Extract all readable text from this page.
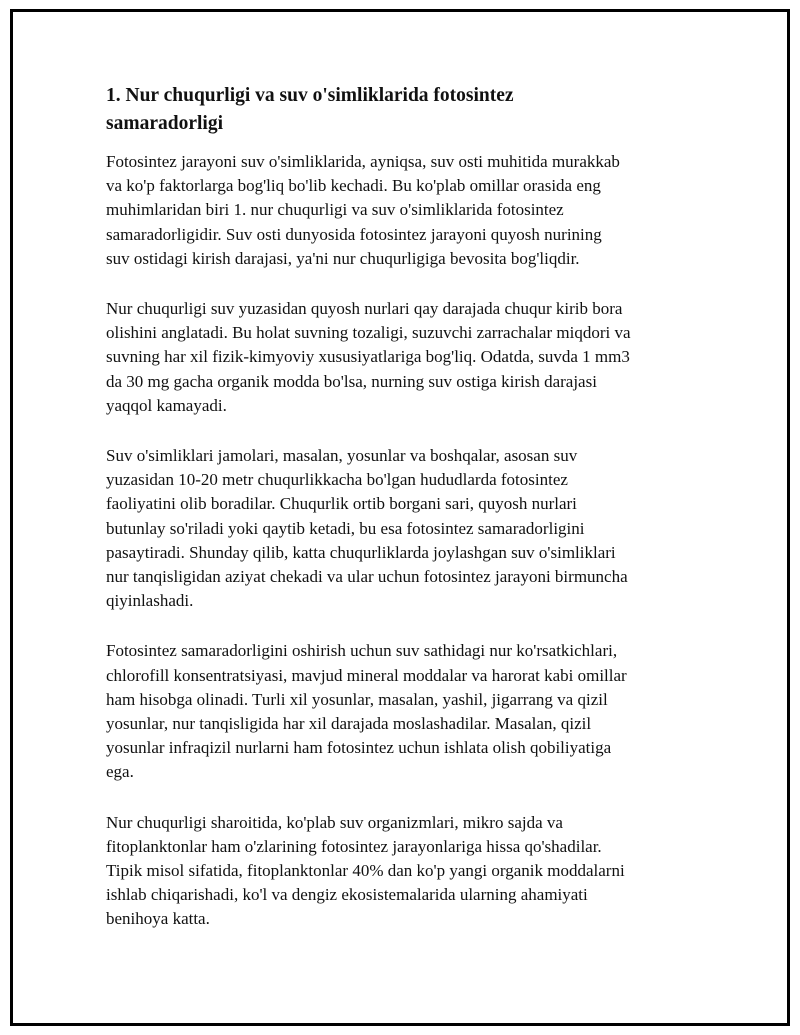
1. Nur chuqurligi va suv o'simliklarida fotosintez
samaradorligi

Fotosintez jarayoni suv o'simliklarida, ayniqsa, suv osti muhitida murakkab
va ko'p faktorlarga bog'liq bo'lib kechadi. Bu ko'plab omillar orasida eng
muhimlaridan biri 1. nur chuqurligi va suv o'simliklarida fotosintez
samaradorligidir. Suv osti dunyosida fotosintez jarayoni quyosh nurining
suv ostidagi kirish darajasi, ya'ni nur chuqurligiga bevosita bog'liqdir.

Nur chuqurligi suv yuzasidan quyosh nurlari qay darajada chuqur kirib bora
olishini anglatadi. Bu holat suvning tozaligi, suzuvchi zarrachalar miqdori va
suvning har xil fizik-kimyoviy xususiyatlariga bog'liq. Odatda, suvda 1 mm3
da 30 mg gacha organik modda bo'lsa, nurning suv ostiga kirish darajasi
yaqqol kamayadi.

Suv o'simliklari jamolari, masalan, yosunlar va boshqalar, asosan suv
yuzasidan 10-20 metr chuqurlikkacha bo'lgan hududlarda fotosintez
faoliyatini olib boradilar. Chuqurlik ortib borgani sari, quyosh nurlari
butunlay so'riladi yoki qaytib ketadi, bu esa fotosintez samaradorligini
pasaytiradi. Shunday qilib, katta chuqurliklarda joylashgan suv o'simliklari
nur tanqisligidan aziyat chekadi va ular uchun fotosintez jarayoni birmuncha
qiyinlashadi.

Fotosintez samaradorligini oshirish uchun suv sathidagi nur ko'rsatkichlari,
chlorofill konsentratsiyasi, mavjud mineral moddalar va harorat kabi omillar
ham hisobga olinadi. Turli xil yosunlar, masalan, yashil, jigarrang va qizil
yosunlar, nur tanqisligida har xil darajada moslashadilar. Masalan, qizil
yosunlar infraqizil nurlarni ham fotosintez uchun ishlata olish qobiliyatiga
ega.

Nur chuqurligi sharoitida, ko'plab suv organizmlari, mikro sajda va
fitoplanktonlar ham o'zlarining fotosintez jarayonlariga hissa qo'shadilar.
Tipik misol sifatida, fitoplanktonlar 40% dan ko'p yangi organik moddalarni
ishlab chiqarishadi, ko'l va dengiz ekosistemalarida ularning ahamiyati
benihoya katta.
